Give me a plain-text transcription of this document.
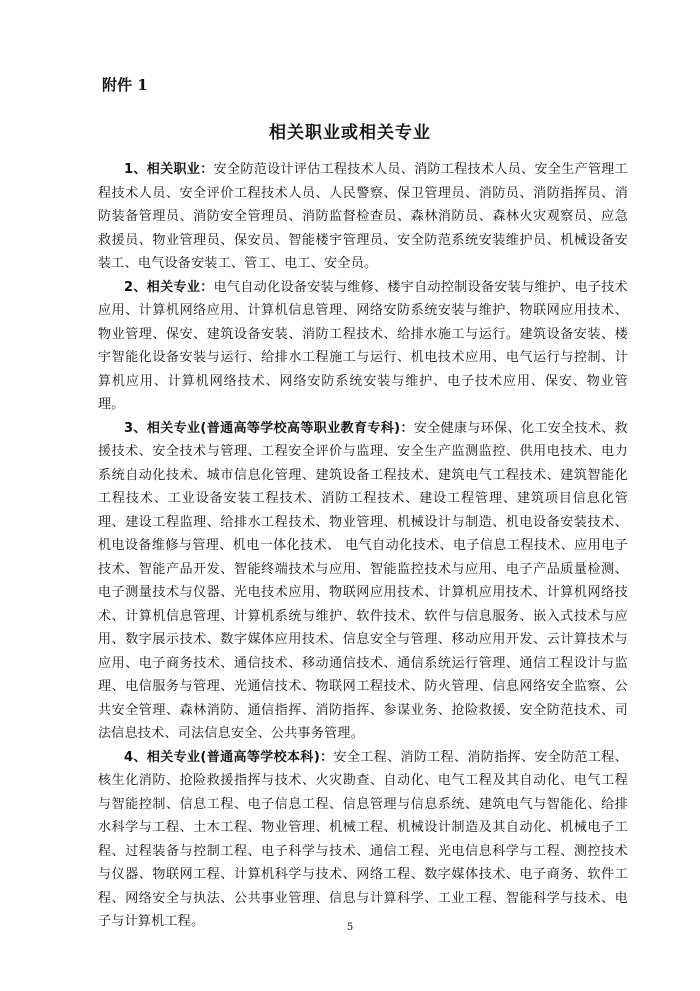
附件 1
相关职业或相关专业

1、相关职业：安全防范设计评估工程技术人员、消防工程技术人员、安全生产管理工程技术人员、安全评价工程技术人员、人民警察、保卫管理员、消防员、消防指挥员、消防装备管理员、消防安全管理员、消防监督检查员、森林消防员、森林火灾观察员、应急救援员、物业管理员、保安员、智能楼宇管理员、安全防范系统安装维护员、机械设备安装工、电气设备安装工、管工、电工、安全员。

2、相关专业：电气自动化设备安装与维修、楼宇自动控制设备安装与维护、电子技术应用、计算机网络应用、计算机信息管理、网络安防系统安装与维护、物联网应用技术、物业管理、保安、建筑设备安装、消防工程技术、给排水施工与运行。建筑设备安装、楼宇智能化设备安装与运行、给排水工程施工与运行、机电技术应用、电气运行与控制、计算机应用、计算机网络技术、网络安防系统安装与维护、电子技术应用、保安、物业管理。

3、相关专业(普通高等学校高等职业教育专科)：安全健康与环保、化工安全技术、救援技术、安全技术与管理、工程安全评价与监理、安全生产监测监控、供用电技术、电力系统自动化技术、城市信息化管理、建筑设备工程技术、建筑电气工程技术、建筑智能化工程技术、工业设备安装工程技术、消防工程技术、建设工程管理、建筑项目信息化管理、建设工程监理、给排水工程技术、物业管理、机械设计与制造、机电设备安装技术、机电设备维修与管理、机电一体化技术、 电气自动化技术、电子信息工程技术、应用电子技术、智能产品开发、智能终端技术与应用、智能监控技术与应用、电子产品质量检测、电子测量技术与仪器、光电技术应用、物联网应用技术、计算机应用技术、计算机网络技术、计算机信息管理、计算机系统与维护、软件技术、软件与信息服务、嵌入式技术与应用、数字展示技术、数字媒体应用技术、信息安全与管理、移动应用开发、云计算技术与应用、电子商务技术、通信技术、移动通信技术、通信系统运行管理、通信工程设计与监理、电信服务与管理、光通信技术、物联网工程技术、防火管理、信息网络安全监察、公共安全管理、森林消防、通信指挥、消防指挥、参谋业务、抢险救援、安全防范技术、司法信息技术、司法信息安全、公共事务管理。

4、相关专业(普通高等学校本科)：安全工程、消防工程、消防指挥、安全防范工程、核生化消防、抢险救援指挥与技术、火灾勘查、自动化、电气工程及其自动化、电气工程与智能控制、信息工程、电子信息工程、信息管理与信息系统、建筑电气与智能化、给排水科学与工程、土木工程、物业管理、机械工程、机械设计制造及其自动化、机械电子工程、过程装备与控制工程、电子科学与技术、通信工程、光电信息科学与工程、测控技术与仪器、物联网工程、计算机科学与技术、网络工程、数字媒体技术、电子商务、软件工程、网络安全与执法、公共事业管理、信息与计算科学、工业工程、智能科学与技术、电子与计算机工程。	5
